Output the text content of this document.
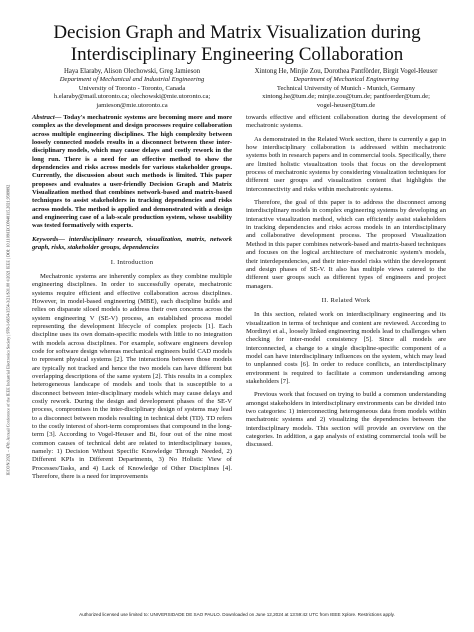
Decision Graph and Matrix Visualization during
Interdisciplinary Engineering Collaboration
Haya Elaraby, Alison Olechowski, Greg Jamieson
Department of Mechanical and Industrial Engineering
University of Toronto - Toronto, Canada
h.elaraby@mail.utoronto.ca; olechowski@mie.utoronto.ca;
jamieson@mie.utoronto.ca
Xintong He, Minjie Zou, Dorothea Pantförder, Birgit Vogel-Heuser
Department of Mechanical Engineering
Technical University of Munich - Munich, Germany
xintong.he@tum.de; minjie.zou@tum.de; pantfoerder@tum.de;
vogel-heuser@tum.de
IECON 2021 – 47th Annual Conference of the IEEE Industrial Electronics Society | 978-1-6654-3554-3/21/$31.00 ©2021 IEEE | DOI: 10.1109/IECON48115.2021.9589892

Abstract— Today's mechatronic systems are becoming more and more complex as the development and design processes require collaboration across multiple engineering disciplines. The high complexity between loosely connected models results in a disconnect between these inter-disciplinary models, which may cause delays and costly rework in the long run. There is a need for an effective method to show the dependencies and risks across models for various stakeholder groups. Currently, the discussion about such methods is limited. This paper proposes and evaluates a user-friendly Decision Graph and Matrix Visualization method that combines network-based and matrix-based techniques to assist stakeholders in tracking dependencies and risks across models. The method is applied and demonstrated with a design and engineering case of a lab-scale production system, whose usability was tested formatively with experts.

Keywords— interdisciplinary research, visualization, matrix, network graph, risks, stakeholder groups, dependencies

I. Introduction

Mechatronic systems are inherently complex as they combine multiple engineering disciplines. In order to successfully operate, mechatronic systems require efficient and effective collaboration across disciplines. However, in model-based engineering (MBE), each discipline builds and relies on disparate siloed models to address their own concerns across the system engineering V (SE-V) process, an established process model representing the development lifecycle of complex projects [1]. Each discipline uses its own domain-specific models with little to no integration with models across disciplines. For example, software engineers develop code for software design whereas mechanical engineers build CAD models to represent physical systems [2]. The interactions between those models are typically not tracked and hence the two models can have different but overlapping descriptions of the same system [2]. This results in a complex heterogeneous landscape of models and tools that is susceptible to a disconnect between inter-disciplinary models which may cause delays and costly rework. During the design and development phases of the SE-V process, compromises in the inter-disciplinary design of systems may lead to a disconnect between models resulting in technical debt (TD). TD refers to the costly interest of short-term compromises that compound in the long-term [3]. According to Vogel-Heuser and Bi, four out of the nine most common causes of technical debt are related to interdisciplinary issues, namely: 1) Decision Without Specific Knowledge Through Needed, 2) Different KPIs in Different Departments, 3) No Holistic View of Processes/Tasks, and 4) Lack of Knowledge of Other Disciplines [4]. Therefore, there is a need for improvements

towards effective and efficient collaboration during the development of mechatronic systems.

As demonstrated in the Related Work section, there is currently a gap in how interdisciplinary collaboration is addressed within mechatronic systems both in research papers and in commercial tools. Specifically, there are limited holistic visualization tools that focus on the development process of mechatronic systems by considering visualization techniques for different user groups and visualization content that highlights the interconnectivity and risks within mechatronic systems.

Therefore, the goal of this paper is to address the disconnect among interdisciplinary models in complex engineering systems by developing an interactive visualization method, which can efficiently assist stakeholders in tracking dependencies and risks across models in an interdisciplinary and collaborative development process. The proposed Visualization Method in this paper combines network-based and matrix-based techniques and focuses on the logical architecture of mechatronic system's models, their interdependencies, and their inter-model risks within the development and design phases of SE-V. It also has multiple views catered to the different user groups such as different types of engineers and project managers.

II. Related Work

In this section, related work on interdisciplinary engineering and its visualization in terms of technique and content are reviewed. According to Mordinyi et al., loosely linked engineering models lead to challenges when checking for inter-model consistency [5]. Since all models are interconnected, a change to a single discipline-specific component of a model can have interdisciplinary influences on the system, which may lead to unplanned costs [6]. In order to reduce conflicts, an interdisciplinary environment is required to facilitate a common understanding among stakeholders [7].

Previous work that focused on trying to build a common understanding amongst stakeholders in interdisciplinary environments can be divided into two categories: 1) interconnecting heterogeneous data from models within mechatronic systems and 2) visualizing the dependencies between the interdisciplinary models. This section will provide an overview on the categories. In addition, a gap analysis of existing commercial tools will be discussed.

Authorized licensed use limited to: UNIVERSIDADE DE SAO PAULO. Downloaded on June 12,2024 at 13:59:42 UTC from IEEE Xplore. Restrictions apply.
